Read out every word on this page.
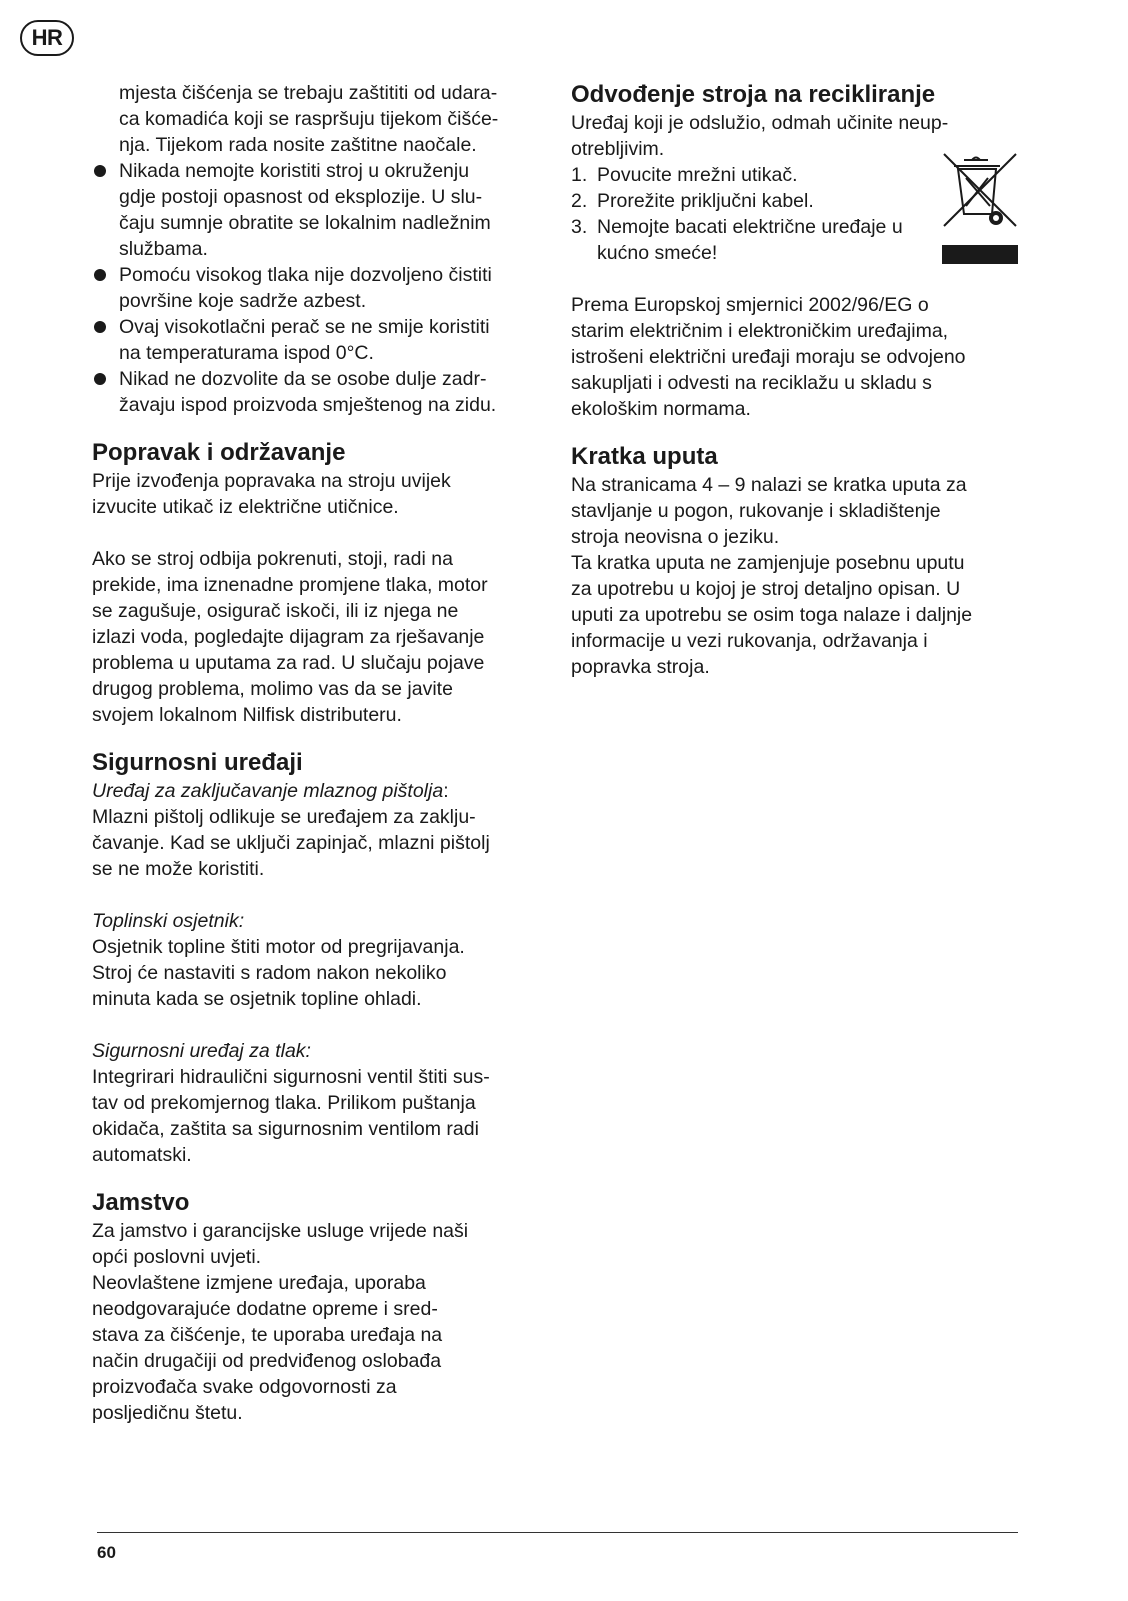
HR

mjesta čišćenja se trebaju zaštititi od udara-

ca komadića koji se raspršuju tijekom čišće-

nja. Tijekom rada nosite zaštitne naočale.

Nikada nemojte koristiti stroj u okruženju

gdje postoji opasnost od eksplozije. U slu-

čaju sumnje obratite se lokalnim nadležnim

službama.

Pomoću visokog tlaka nije dozvoljeno čistiti

površine koje sadrže azbest.

Ovaj visokotlačni perač se ne smije koristiti

na temperaturama ispod 0°C.

Nikad ne dozvolite da se osobe dulje zadr-

žavaju ispod proizvoda smještenog na zidu.

Popravak i održavanje

Prije izvođenja popravaka na stroju uvijek

izvucite utikač iz električne utičnice.

Ako se stroj odbija pokrenuti, stoji, radi na

prekide, ima iznenadne promjene tlaka, motor

se zagušuje, osigurač iskoči, ili iz njega ne

izlazi voda, pogledajte dijagram za rješavanje

problema u uputama za rad. U slučaju pojave

drugog problema, molimo vas da se javite

svojem lokalnom Nilfisk distributeru.

Sigurnosni uređaji

Uređaj za zaključavanje mlaznog pištolja:

Mlazni pištolj odlikuje se uređajem za zaklju-

čavanje. Kad se uključi zapinjač, mlazni pištolj

se ne može koristiti.

Toplinski osjetnik:

Osjetnik topline štiti motor od pregrijavanja.

Stroj će nastaviti s radom nakon nekoliko

minuta kada se osjetnik topline ohladi.

Sigurnosni uređaj za tlak:

Integrirari hidraulični sigurnosni ventil štiti sus-

tav od prekomjernog tlaka. Prilikom puštanja

okidača, zaštita sa sigurnosnim ventilom radi

automatski.

Jamstvo

Za jamstvo i garancijske usluge vrijede naši

opći poslovni uvjeti.

Neovlaštene izmjene uređaja, uporaba

neodgovarajuće dodatne opreme i sred-

stava za čišćenje, te uporaba uređaja na

način drugačiji od predviđenog oslobađa

proizvođača svake odgovornosti za

posljedičnu štetu.

Odvođenje stroja na recikliranje

Uređaj koji je odslužio, odmah učinite neup-

otrebljivim.

1. Povucite mrežni utikač.

2. Prorežite priključni kabel.

3. Nemojte bacati električne uređaje u

kućno smeće!

Prema Europskoj smjernici 2002/96/EG o

starim električnim i elektroničkim uređajima,

istrošeni električni uređaji moraju se odvojeno

sakupljati i odvesti na reciklažu u skladu s

ekološkim normama.

Kratka uputa

Na stranicama 4 – 9 nalazi se kratka uputa za

stavljanje u pogon, rukovanje i skladištenje

stroja neovisna o jeziku.

Ta kratka uputa ne zamjenjuje posebnu uputu

za upotrebu u kojoj je stroj detaljno opisan. U

uputi za upotrebu se osim toga nalaze i daljnje

informacije u vezi rukovanja, održavanja i

popravka stroja.

60
